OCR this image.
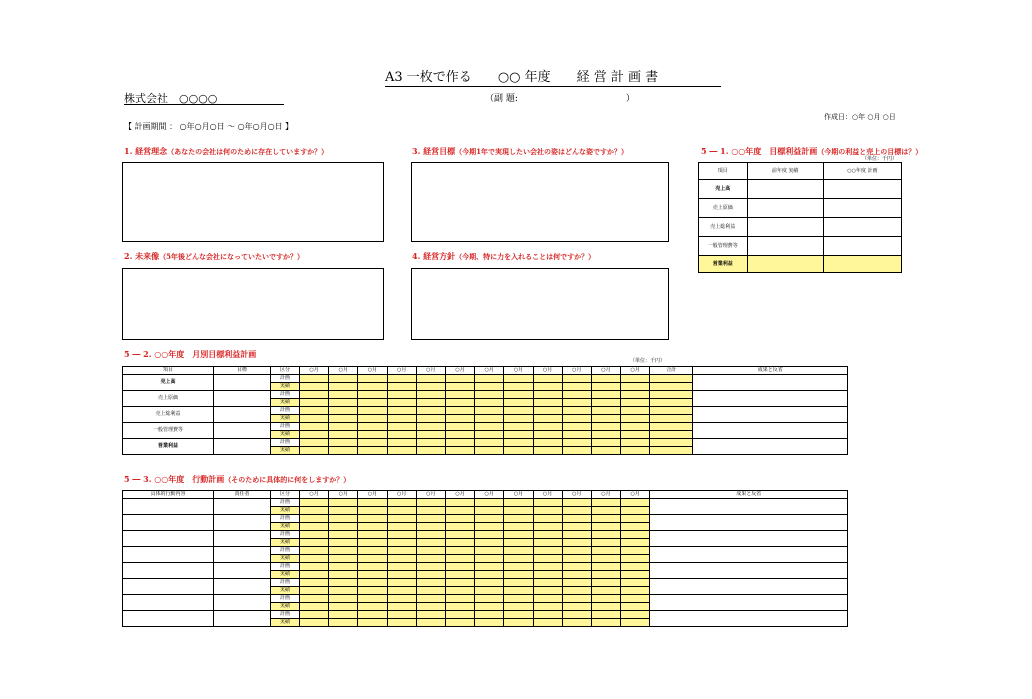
A3 一枚で作る　　 ○○ 年度　　 経 営 計 画 書
株式会社　○○○○	（副 題:　　　　　　　　　　　　）
作成日：○年 ○月 ○日
【 計画期間 ： ○年○月○日 ～ ○年○月○日 】
1. 経営理念（あなたの会社は何のために存在していますか？）
2. 未来像（5年後どんな会社になっていたいですか？）
3. 経営目標（今期1年で実現したい会社の姿はどんな姿ですか？）
4. 経営方針（今期、特に力を入れることは何ですか？）
5 ― 1. ○○年度　目標利益計画（今期の利益と売上の目標は？）
（単位：千円）
項目	前年度 実績	○○年度 計画
売上高		
売上原価		
売上総利益		
一般管理費等		
営業利益		
5 ― 2. ○○年度　月別目標利益計画
（単位：千円）
項目	目標	区分	○月	○月	○月	○月	○月	○月	○月	○月	○月	○月	○月	○月	合計	成果と反省
売上高		計画														
		実績														
売上原価		計画														
		実績														
売上総利益		計画														
		実績														
一般管理費等		計画														
		実績														
営業利益		計画														
		実績														
5 ― 3. ○○年度　行動計画（そのために具体的に何をしますか？）
具体的行動内容	責任者	区分	○月	○月	○月	○月	○月	○月	○月	○月	○月	○月	○月	○月	成果と反省
		計画													
		実績													
		計画													
		実績													
		計画													
		実績													
		計画													
		実績													
		計画													
		実績													
		計画													
		実績													
		計画													
		実績													
		計画													
		実績													
